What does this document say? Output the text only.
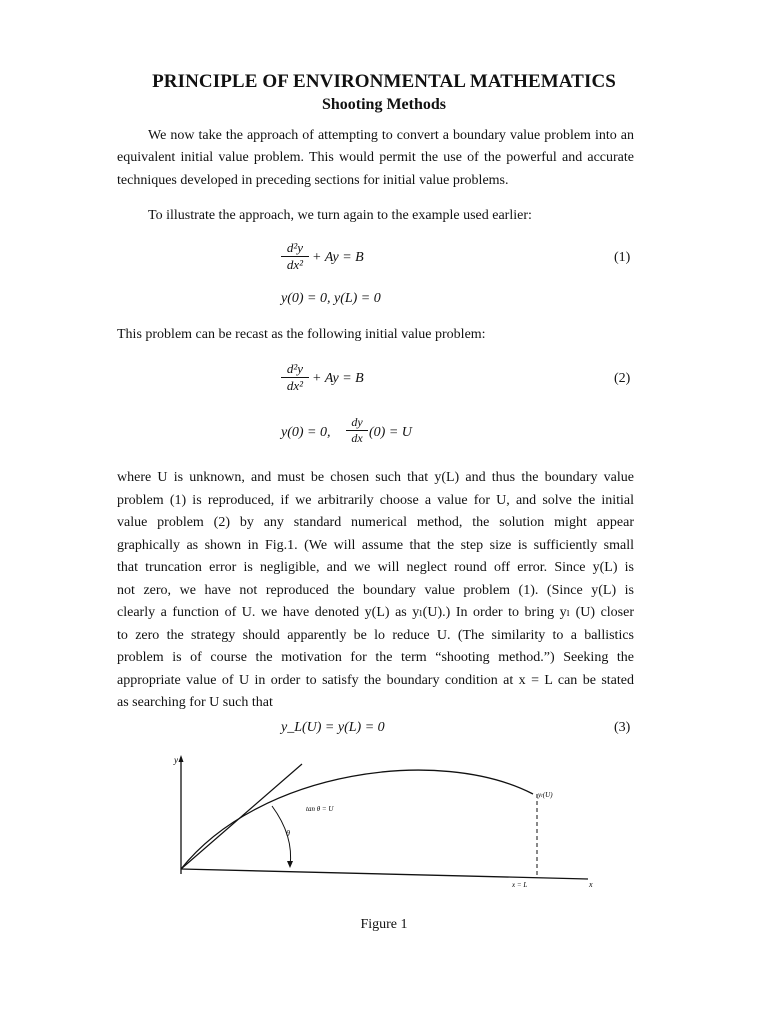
PRINCIPLE OF ENVIRONMENTAL MATHEMATICS
Shooting Methods

We now take the approach of attempting to convert a boundary value problem into an equivalent initial value problem. This would permit the use of the powerful and accurate techniques developed in preceding sections for initial value problems.

To illustrate the approach, we turn again to the example used earlier:

d²y
dx² + Ay = B	(1)
y(0) = 0, y(L) = 0

This problem can be recast as the following initial value problem:

d²y
dx² + Ay = B	(2)
y(0) = 0,
dy
dx (0) = U
where U is unknown, and must be chosen such that y(L) and thus the boundary value
problem (1) is reproduced, if we arbitrarily choose a value for U, and solve the initial
value problem (2) by any standard numerical method, the solution might appear
graphically as shown in Fig.1. (We will assume that the step size is sufficiently small
that truncation error is negligible, and we will neglect round off error. Since y(L) is
not zero, we have not reproduced the boundary value problem (1). (Since y(L) is
clearly a function of U. we have denoted y(L) as yₗ(U).) In order to bring yₗ (U) closer
to zero the strategy should apparently be lo reduce U. (The similarity to a ballistics
problem is of course the motivation for the term “shooting method.”) Seeking the
appropriate value of U in order to satisfy the boundary condition at x = L can be stated
as searching for U such that
y_L(U) = y(L) = 0	(3)
y
x
tan θ = U
θ
yₗ(U)
x = L
Figure 1
